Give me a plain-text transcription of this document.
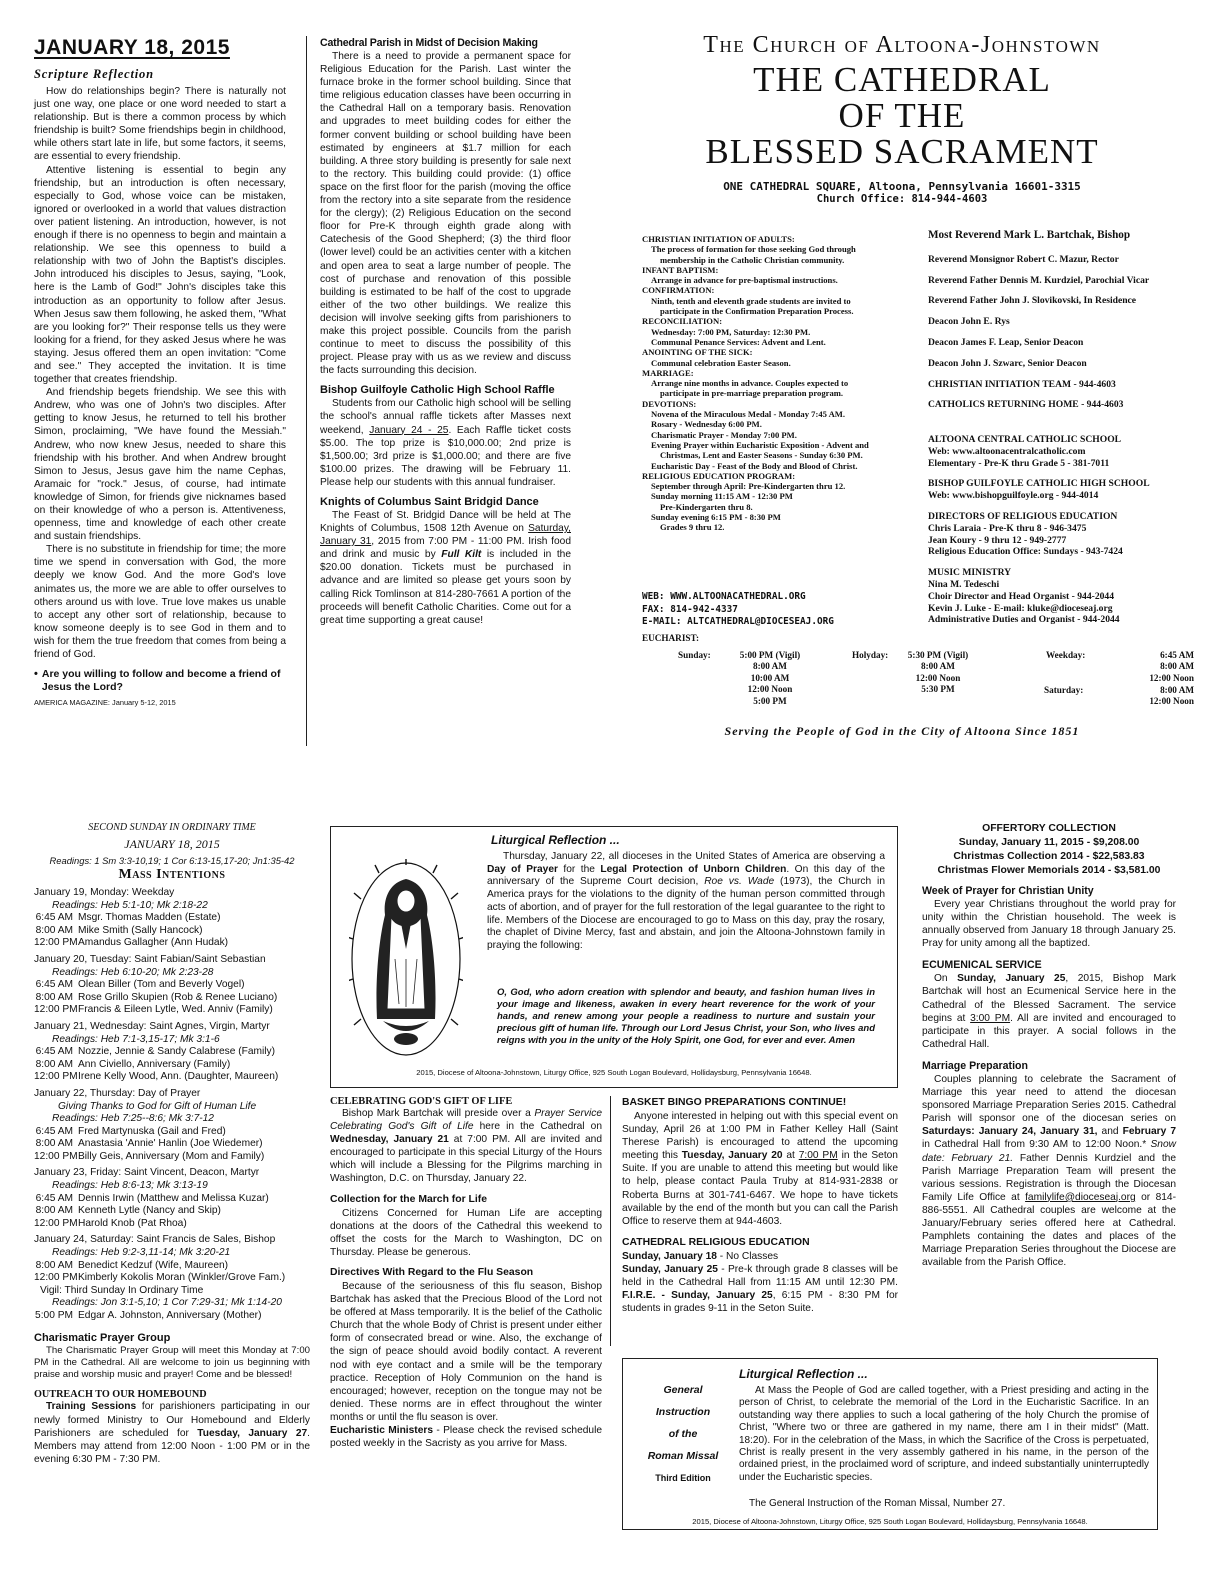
JANUARY 18, 2015
Scripture Reflection

How do relationships begin? There is naturally not just one way, one place or one word needed to start a relationship. But is there a common process by which friendship is built? Some friendships begin in childhood, while others start late in life, but some factors, it seems, are essential to every friendship.

Attentive listening is essential to begin any friendship, but an introduction is often necessary, especially to God, whose voice can be mistaken, ignored or overlooked in a world that values distraction over patient listening. An introduction, however, is not enough if there is no openness to begin and maintain a relationship. We see this openness to build a relationship with two of John the Baptist's disciples. John introduced his disciples to Jesus, saying, "Look, here is the Lamb of God!" John's disciples take this introduction as an opportunity to follow after Jesus. When Jesus saw them following, he asked them, "What are you looking for?" Their response tells us they were looking for a friend, for they asked Jesus where he was staying. Jesus offered them an open invitation: "Come and see." They accepted the invitation. It is time together that creates friendship.

And friendship begets friendship. We see this with Andrew, who was one of John's two disciples. After getting to know Jesus, he returned to tell his brother Simon, proclaiming, "We have found the Messiah." Andrew, who now knew Jesus, needed to share this friendship with his brother. And when Andrew brought Simon to Jesus, Jesus gave him the name Cephas, Aramaic for "rock." Jesus, of course, had intimate knowledge of Simon, for friends give nicknames based on their knowledge of who a person is. Attentiveness, openness, time and knowledge of each other create and sustain friendships.

There is no substitute in friendship for time; the more time we spend in conversation with God, the more deeply we know God. And the more God's love animates us, the more we are able to offer ourselves to others around us with love. True love makes us unable to accept any other sort of relationship, because to know someone deeply is to see God in them and to wish for them the true freedom that comes from being a friend of God.

• Are you willing to follow and become a friend of Jesus the Lord?
AMERICA MAGAZINE: January 5-12, 2015
Cathedral Parish in Midst of Decision Making

There is a need to provide a permanent space for Religious Education for the Parish. Last winter the furnace broke in the former school building. Since that time religious education classes have been occurring in the Cathedral Hall on a temporary basis. Renovation and upgrades to meet building codes for either the former convent building or school building have been estimated by engineers at $1.7 million for each building. A three story building is presently for sale next to the rectory. This building could provide: (1) office space on the first floor for the parish (moving the office from the rectory into a site separate from the residence for the clergy); (2) Religious Education on the second floor for Pre-K through eighth grade along with Catechesis of the Good Shepherd; (3) the third floor (lower level) could be an activities center with a kitchen and open area to seat a large number of people. The cost of purchase and renovation of this possible building is estimated to be half of the cost to upgrade either of the two other buildings. We realize this decision will involve seeking gifts from parishioners to make this project possible. Councils from the parish continue to meet to discuss the possibility of this project. Please pray with us as we review and discuss the facts surrounding this decision.

Bishop Guilfoyle Catholic High School Raffle

Students from our Catholic high school will be selling the school's annual raffle tickets after Masses next weekend, January 24 - 25. Each Raffle ticket costs $5.00. The top prize is $10,000.00; 2nd prize is $1,500.00; 3rd prize is $1,000.00; and there are five $100.00 prizes. The drawing will be February 11. Please help our students with this annual fundraiser.

Knights of Columbus Saint Bridgid Dance

The Feast of St. Bridgid Dance will be held at The Knights of Columbus, 1508 12th Avenue on Saturday, January 31, 2015 from 7:00 PM - 11:00 PM. Irish food and drink and music by Full Kilt is included in the $20.00 donation. Tickets must be purchased in advance and are limited so please get yours soon by calling Rick Tomlinson at 814-280-7661 A portion of the proceeds will benefit Catholic Charities. Come out for a great time supporting a great cause!

The Church of Altoona-Johnstown
THE CATHEDRAL
OF THE
BLESSED SACRAMENT
ONE CATHEDRAL SQUARE, Altoona, Pennsylvania 16601-3315
Church Office: 814-944-4603
CHRISTIAN INITIATION OF ADULTS:
The process of formation for those seeking God through
membership in the Catholic Christian community.
INFANT BAPTISM:
Arrange in advance for pre-baptismal instructions.
CONFIRMATION:
Ninth, tenth and eleventh grade students are invited to
participate in the Confirmation Preparation Process.
RECONCILIATION:
Wednesday: 7:00 PM, Saturday: 12:30 PM.
Communal Penance Services: Advent and Lent.
ANOINTING OF THE SICK:
Communal celebration Easter Season.
MARRIAGE:
Arrange nine months in advance. Couples expected to
participate in pre-marriage preparation program.
DEVOTIONS:
Novena of the Miraculous Medal - Monday 7:45 AM.
Rosary - Wednesday 6:00 PM.
Charismatic Prayer - Monday 7:00 PM.
Evening Prayer within Eucharistic Exposition - Advent and
Christmas, Lent and Easter Seasons - Sunday 6:30 PM.
Eucharistic Day - Feast of the Body and Blood of Christ.
RELIGIOUS EDUCATION PROGRAM:
September through April: Pre-Kindergarten thru 12.
Sunday morning 11:15 AM - 12:30 PM
Pre-Kindergarten thru 8.
Sunday evening 6:15 PM - 8:30 PM
Grades 9 thru 12.
WEB: WWW.ALTOONACATHEDRAL.ORG
FAX: 814-942-4337
E-MAIL: ALTCATHEDRAL@DIOCESEAJ.ORG
Most Reverend Mark L. Bartchak, Bishop
Reverend Monsignor Robert C. Mazur, Rector
Reverend Father Dennis M. Kurdziel, Parochial Vicar
Reverend Father John J. Slovikovski, In Residence
Deacon John E. Rys
Deacon James F. Leap, Senior Deacon
Deacon John J. Szwarc, Senior Deacon
CHRISTIAN INITIATION TEAM - 944-4603
CATHOLICS RETURNING HOME - 944-4603
ALTOONA CENTRAL CATHOLIC SCHOOL
Web: www.altoonacentralcatholic.com
Elementary - Pre-K thru Grade 5 - 381-7011
BISHOP GUILFOYLE CATHOLIC HIGH SCHOOL
Web: www.bishopguilfoyle.org - 944-4014
DIRECTORS OF RELIGIOUS EDUCATION
Chris Laraia - Pre-K thru 8 - 946-3475
Jean Koury - 9 thru 12 - 949-2777
Religious Education Office: Sundays - 943-7424
MUSIC MINISTRY
Nina M. Tedeschi
Choir Director and Head Organist - 944-2044
Kevin J. Luke - E-mail: kluke@dioceseaj.org
Administrative Duties and Organist - 944-2044
EUCHARIST:
Sunday:	5:00 PM (Vigil)
8:00 AM
10:00 AM
12:00 Noon
5:00 PM
Holyday:	5:30 PM (Vigil)
8:00 AM
12:00 Noon
5:30 PM
Weekday:	6:45 AM
8:00 AM
12:00 Noon
Saturday:	8:00 AM
12:00 Noon
Serving the People of God in the City of Altoona Since 1851
SECOND SUNDAY IN ORDINARY TIME
JANUARY 18, 2015
Readings: 1 Sm 3:3-10,19; 1 Cor 6:13-15,17-20; Jn1:35-42
Mass Intentions
January 19, Monday: Weekday
Readings: Heb 5:1-10; Mk 2:18-22
6:45 AM Msgr. Thomas Madden (Estate)
8:00 AM Mike Smith (Sally Hancock)
12:00 PMAmandus Gallagher (Ann Hudak)
January 20, Tuesday: Saint Fabian/Saint Sebastian
Readings: Heb 6:10-20; Mk 2:23-28
6:45 AM Olean Biller (Tom and Beverly Vogel)
8:00 AM Rose Grillo Skupien (Rob & Renee Luciano)
12:00 PMFrancis & Eileen Lytle, Wed. Anniv (Family)
January 21, Wednesday: Saint Agnes, Virgin, Martyr
Readings: Heb 7:1-3,15-17; Mk 3:1-6
6:45 AM Nozzie, Jennie & Sandy Calabrese (Family)
8:00 AM Ann Civiello, Anniversary (Family)
12:00 PMIrene Kelly Wood, Ann. (Daughter, Maureen)
January 22, Thursday: Day of Prayer
Giving Thanks to God for Gift of Human Life
Readings: Heb 7:25--8:6; Mk 3:7-12
6:45 AM Fred Martynuska (Gail and Fred)
8:00 AM Anastasia 'Annie' Hanlin (Joe Wiedemer)
12:00 PMBilly Geis, Anniversary (Mom and Family)
January 23, Friday: Saint Vincent, Deacon, Martyr
Readings: Heb 8:6-13; Mk 3:13-19
6:45 AM Dennis Irwin (Matthew and Melissa Kuzar)
8:00 AM Kenneth Lytle (Nancy and Skip)
12:00 PMHarold Knob (Pat Rhoa)
January 24, Saturday: Saint Francis de Sales, Bishop
Readings: Heb 9:2-3,11-14; Mk 3:20-21
8:00 AM Benedict Kedzuf (Wife, Maureen)
12:00 PMKimberly Kokolis Moran (Winkler/Grove Fam.)
Vigil: Third Sunday In Ordinary Time
Readings: Jon 3:1-5,10; 1 Cor 7:29-31; Mk 1:14-20
5:00 PM Edgar A. Johnston, Anniversary (Mother)
Charismatic Prayer Group

The Charismatic Prayer Group will meet this Monday at 7:00 PM in the Cathedral. All are welcome to join us beginning with praise and worship music and prayer! Come and be blessed!

OUTREACH TO OUR HOMEBOUND

Training Sessions for parishioners participating in our newly formed Ministry to Our Homebound and Elderly Parishioners are scheduled for Tuesday, January 27. Members may attend from 12:00 Noon - 1:00 PM or in the evening 6:30 PM - 7:30 PM.

Liturgical Reflection ...

Thursday, January 22, all dioceses in the United States of America are observing a Day of Prayer for the Legal Protection of Unborn Children. On this day of the anniversary of the Supreme Court decision, Roe vs. Wade (1973), the Church in America prays for the violations to the dignity of the human person committed through acts of abortion, and of prayer for the full restoration of the legal guarantee to the right to life. Members of the Diocese are encouraged to go to Mass on this day, pray the rosary, the chaplet of Divine Mercy, fast and abstain, and join the Altoona-Johnstown family in praying the following:

O, God, who adorn creation with splendor and beauty, and fashion human lives in your image and likeness, awaken in every heart reverence for the work of your hands, and renew among your people a readiness to nurture and sustain your precious gift of human life. Through our Lord Jesus Christ, your Son, who lives and reigns with you in the unity of the Holy Spirit, one God, for ever and ever. Amen

2015, Diocese of Altoona-Johnstown, Liturgy Office, 925 South Logan Boulevard, Hollidaysburg, Pennsylvania 16648.
CELEBRATING GOD'S GIFT OF LIFE

Bishop Mark Bartchak will preside over a Prayer Service Celebrating God's Gift of Life here in the Cathedral on Wednesday, January 21 at 7:00 PM. All are invited and encouraged to participate in this special Liturgy of the Hours which will include a Blessing for the Pilgrims marching in Washington, D.C. on Thursday, January 22.

Collection for the March for Life

Citizens Concerned for Human Life are accepting donations at the doors of the Cathedral this weekend to offset the costs for the March to Washington, DC on Thursday. Please be generous.

Directives With Regard to the Flu Season

Because of the seriousness of this flu season, Bishop Bartchak has asked that the Precious Blood of the Lord not be offered at Mass temporarily. It is the belief of the Catholic Church that the whole Body of Christ is present under either form of consecrated bread or wine. Also, the exchange of the sign of peace should avoid bodily contact. A reverent nod with eye contact and a smile will be the temporary practice. Reception of Holy Communion on the hand is encouraged; however, reception on the tongue may not be denied. These norms are in effect throughout the winter months or until the flu season is over.

Eucharistic Ministers - Please check the revised schedule posted weekly in the Sacristy as you arrive for Mass.

BASKET BINGO PREPARATIONS CONTINUE!

Anyone interested in helping out with this special event on Sunday, April 26 at 1:00 PM in Father Kelley Hall (Saint Therese Parish) is encouraged to attend the upcoming meeting this Tuesday, January 20 at 7:00 PM in the Seton Suite. If you are unable to attend this meeting but would like to help, please contact Paula Truby at 814-931-2838 or Roberta Burns at 301-741-6467. We hope to have tickets available by the end of the month but you can call the Parish Office to reserve them at 944-4603.

CATHEDRAL RELIGIOUS EDUCATION

Sunday, January 18 - No Classes

Sunday, January 25 - Pre-k through grade 8 classes will be held in the Cathedral Hall from 11:15 AM until 12:30 PM. F.I.R.E. - Sunday, January 25, 6:15 PM - 8:30 PM for students in grades 9-11 in the Seton Suite.

OFFERTORY COLLECTION
Sunday, January 11, 2015 - $9,208.00
Christmas Collection 2014 - $22,583.83
Christmas Flower Memorials 2014 - $3,581.00
Week of Prayer for Christian Unity

Every year Christians throughout the world pray for unity within the Christian household. The week is annually observed from January 18 through January 25. Pray for unity among all the baptized.

ECUMENICAL SERVICE

On Sunday, January 25, 2015, Bishop Mark Bartchak will host an Ecumenical Service here in the Cathedral of the Blessed Sacrament. The service begins at 3:00 PM. All are invited and encouraged to participate in this prayer. A social follows in the Cathedral Hall.

Marriage Preparation

Couples planning to celebrate the Sacrament of Marriage this year need to attend the diocesan sponsored Marriage Preparation Series 2015. Cathedral Parish will sponsor one of the diocesan series on Saturdays: January 24, January 31, and February 7 in Cathedral Hall from 9:30 AM to 12:00 Noon.* Snow date: February 21. Father Dennis Kurdziel and the Parish Marriage Preparation Team will present the various sessions. Registration is through the Diocesan Family Life Office at familylife@dioceseaj.org or 814-886-5551. All Cathedral couples are welcome at the January/February series offered here at Cathedral. Pamphlets containing the dates and places of the Marriage Preparation Series throughout the Diocese are available from the Parish Office.

General
Instruction
of the
Roman Missal
Third Edition
Liturgical Reflection ...

At Mass the People of God are called together, with a Priest presiding and acting in the person of Christ, to celebrate the memorial of the Lord in the Eucharistic Sacrifice. In an outstanding way there applies to such a local gathering of the holy Church the promise of Christ, "Where two or three are gathered in my name, there am I in their midst" (Matt. 18:20). For in the celebration of the Mass, in which the Sacrifice of the Cross is perpetuated, Christ is really present in the very assembly gathered in his name, in the person of the ordained priest, in the proclaimed word of scripture, and indeed substantially uninterruptedly under the Eucharistic species.

The General Instruction of the Roman Missal, Number 27.
2015, Diocese of Altoona-Johnstown, Liturgy Office, 925 South Logan Boulevard, Hollidaysburg, Pennsylvania 16648.
